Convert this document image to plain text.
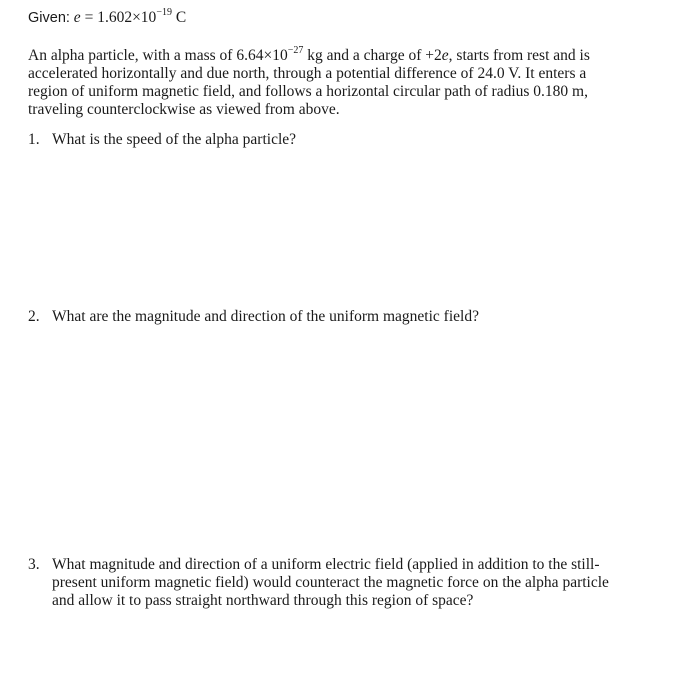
Given: $e = 1.602\times 10^{-19}$ C
An alpha particle, with a mass of $6.64\times 10^{-27}$ kg and a charge of +2e, starts from rest and is
accelerated horizontally and due north, through a potential difference of 24.0 V. It enters a
region of uniform magnetic field, and follows a horizontal circular path of radius 0.180 m,
traveling counterclockwise as viewed from above.
1. What is the speed of the alpha particle?
2. What are the magnitude and direction of the uniform magnetic field?
3. What magnitude and direction of a uniform electric field (applied in addition to the still-
present uniform magnetic field) would counteract the magnetic force on the alpha particle
and allow it to pass straight northward through this region of space?
